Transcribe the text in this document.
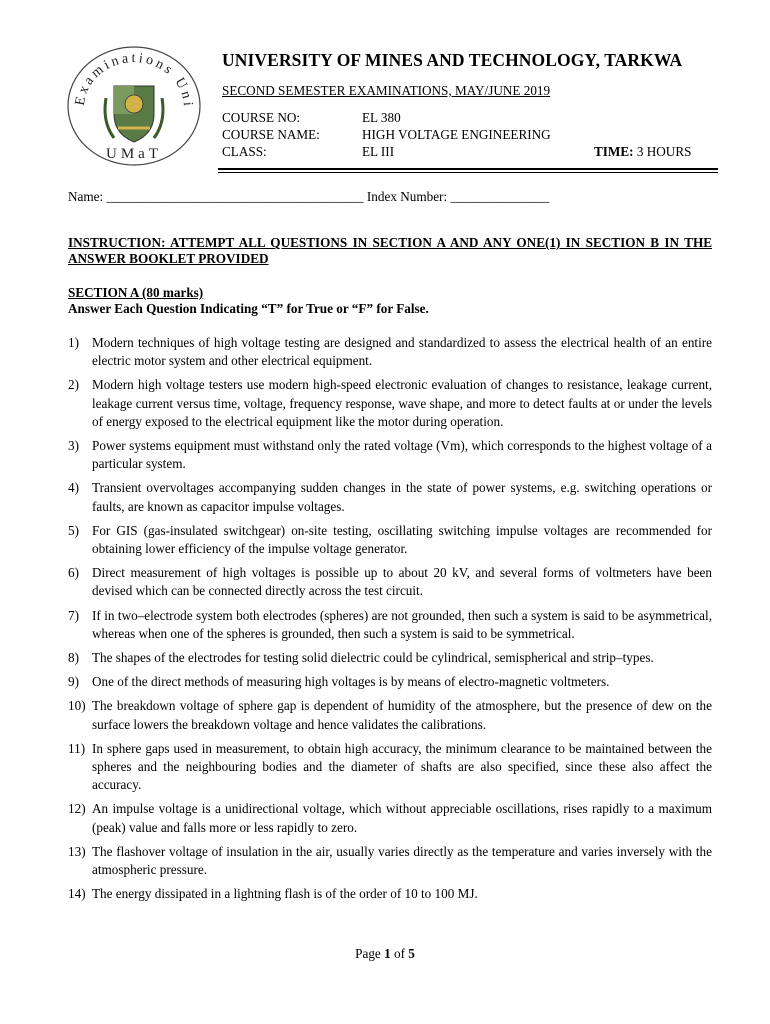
Examinations Uni
UMaT
UNIVERSITY OF MINES AND TECHNOLOGY, TARKWA
SECOND SEMESTER EXAMINATIONS, MAY/JUNE 2019
COURSE NO:	EL 380
COURSE NAME:	HIGH VOLTAGE ENGINEERING
CLASS:	EL III	TIME: 3 HOURS
Name: _______________________________________ Index Number: _______________
INSTRUCTION: ATTEMPT ALL QUESTIONS IN SECTION A AND ANY ONE(1) IN SECTION B IN THE ANSWER BOOKLET PROVIDED
SECTION A (80 marks)
Answer Each Question Indicating “T” for True or “F” for False.
1) Modern techniques of high voltage testing are designed and standardized to assess the electrical health of an entire electric motor system and other electrical equipment.
2) Modern high voltage testers use modern high-speed electronic evaluation of changes to resistance, leakage current, leakage current versus time, voltage, frequency response, wave shape, and more to detect faults at or under the levels of energy exposed to the electrical equipment like the motor during operation.
3) Power systems equipment must withstand only the rated voltage (Vm), which corresponds to the highest voltage of a particular system.
4) Transient overvoltages accompanying sudden changes in the state of power systems, e.g. switching operations or faults, are known as capacitor impulse voltages.
5) For GIS (gas-insulated switchgear) on-site testing, oscillating switching impulse voltages are recommended for obtaining lower efficiency of the impulse voltage generator.
6) Direct measurement of high voltages is possible up to about 20 kV, and several forms of voltmeters have been devised which can be connected directly across the test circuit.
7) If in two–electrode system both electrodes (spheres) are not grounded, then such a system is said to be asymmetrical, whereas when one of the spheres is grounded, then such a system is said to be symmetrical.
8) The shapes of the electrodes for testing solid dielectric could be cylindrical, semispherical and strip–types.
9) One of the direct methods of measuring high voltages is by means of electro-magnetic voltmeters.
10) The breakdown voltage of sphere gap is dependent of humidity of the atmosphere, but the presence of dew on the surface lowers the breakdown voltage and hence validates the calibrations.
11) In sphere gaps used in measurement, to obtain high accuracy, the minimum clearance to be maintained between the spheres and the neighbouring bodies and the diameter of shafts are also specified, since these also affect the accuracy.
12) An impulse voltage is a unidirectional voltage, which without appreciable oscillations, rises rapidly to a maximum (peak) value and falls more or less rapidly to zero.
13) The flashover voltage of insulation in the air, usually varies directly as the temperature and varies inversely with the atmospheric pressure.
14) The energy dissipated in a lightning flash is of the order of 10 to 100 MJ.
Page 1 of 5
